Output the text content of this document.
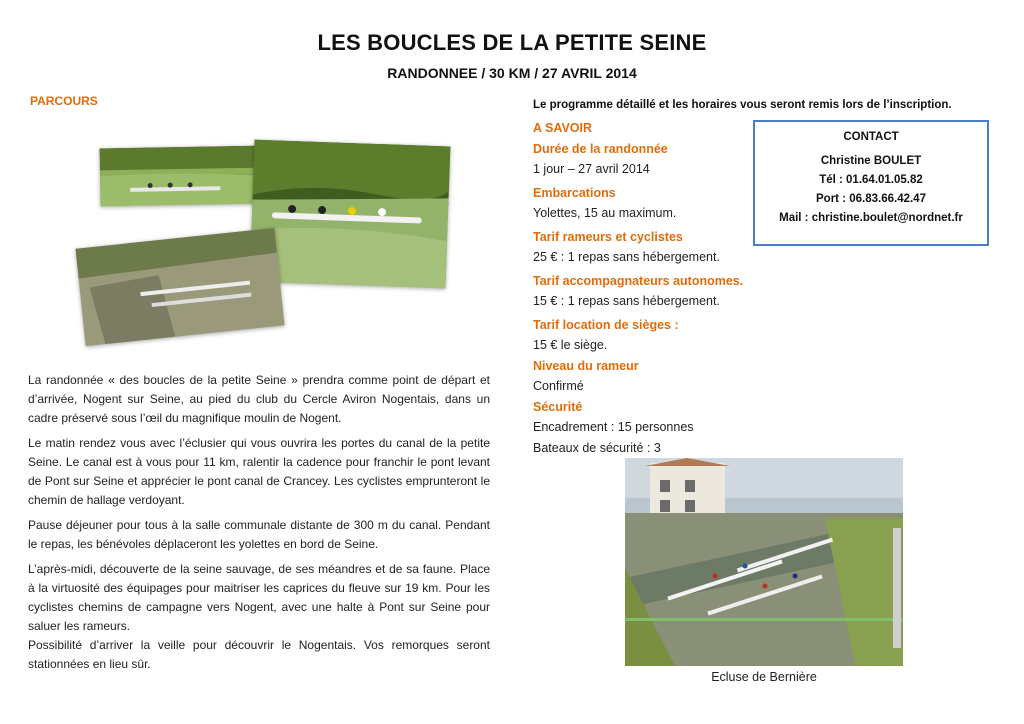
LES BOUCLES DE LA PETITE SEINE
RANDONNEE / 30 KM / 27 AVRIL 2014
PARCOURS

La randonnée « des boucles de la petite Seine » prendra comme point de départ et d’arrivée, Nogent sur Seine, au pied du club du Cercle Aviron Nogentais, dans un cadre préservé sous l’œil du magnifique moulin de Nogent.

Le matin rendez vous avec l’éclusier qui vous ouvrira les portes du canal de la petite Seine. Le canal est à vous pour 11 km, ralentir la cadence pour franchir le pont levant de Pont sur Seine et apprécier le pont canal de Crancey. Les cyclistes emprunteront le chemin de hallage verdoyant.

Pause déjeuner pour tous à la salle communale distante de 300 m du canal. Pendant le repas, les bénévoles déplaceront les yolettes en bord de Seine.

L’après-midi, découverte de la seine sauvage, de ses méandres et de sa faune. Place à la virtuosité des équipages pour maitriser les caprices du fleuve sur 19 km. Pour les cyclistes chemins de campagne vers Nogent, avec une halte à Pont sur Seine pour saluer les rameurs.

Possibilité d’arriver la veille pour découvrir le Nogentais. Vos remorques seront stationnées en lieu sûr.

Le programme détaillé et les horaires vous seront remis lors de l’inscription.
A SAVOIR
Durée de la randonnée
1 jour – 27 avril 2014
Embarcations
Yolettes, 15 au maximum.
Tarif rameurs et cyclistes
25 € : 1 repas sans hébergement.
Tarif accompagnateurs autonomes.
15 € : 1 repas sans hébergement.
Tarif location de sièges :
15 € le siège.
Niveau du rameur
Confirmé
Sécurité
Encadrement : 15 personnes
Bateaux de sécurité : 3
CONTACT
Christine BOULET
Tél : 01.64.01.05.82
Port : 06.83.66.42.47
Mail : christine.boulet@nordnet.fr
Ecluse de Bernière
